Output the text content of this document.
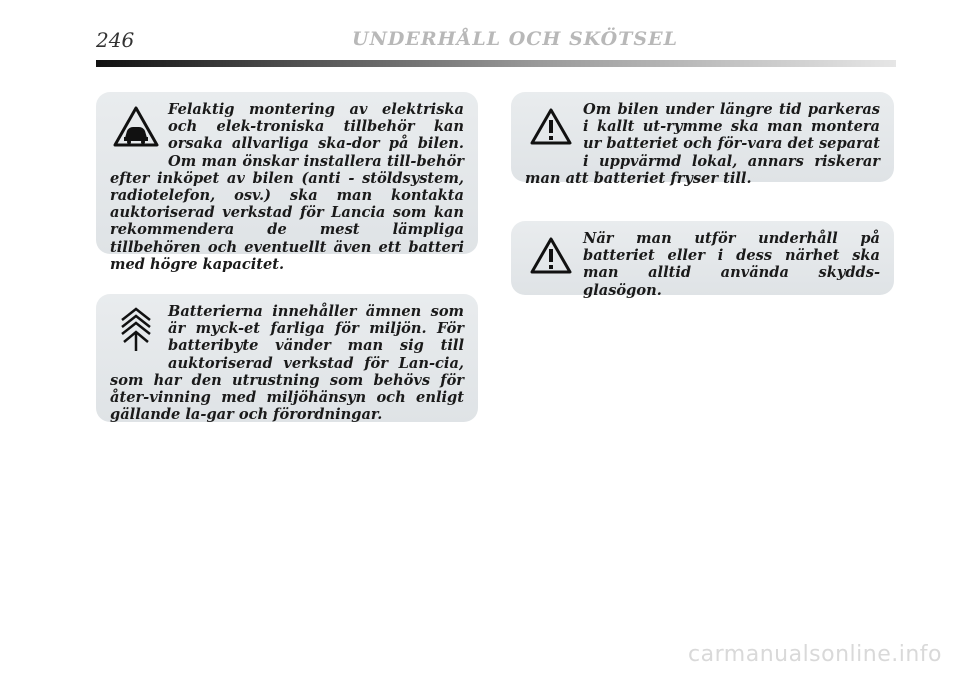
246	UNDERHÅLL OCH SKÖTSEL

Felaktig montering av elektriska och elek-troniska tillbehör kan orsaka allvarliga ska-dor på bilen. Om man önskar installera till-behör efter inköpet av bilen (anti - stöldsystem, radiotelefon, osv.) ska man kontakta auktoriserad verkstad för Lancia som kan rekommendera de mest lämpliga tillbehören och eventuellt även ett batteri med högre kapacitet.

Batterierna innehåller ämnen som är myck-et farliga för miljön. För batteribyte vänder man sig till auktoriserad verkstad för Lan-cia, som har den utrustning som behövs för åter-vinning med miljöhänsyn och enligt gällande la-gar och förordningar.

Om bilen under längre tid parkeras i kallt ut-rymme ska man montera ur batteriet och för-vara det separat i uppvärmd lokal, annars riskerar man att batteriet fryser till.

När man utför underhåll på batteriet eller i dess närhet ska man alltid använda skydds-glasögon.

carmanualsonline.info
